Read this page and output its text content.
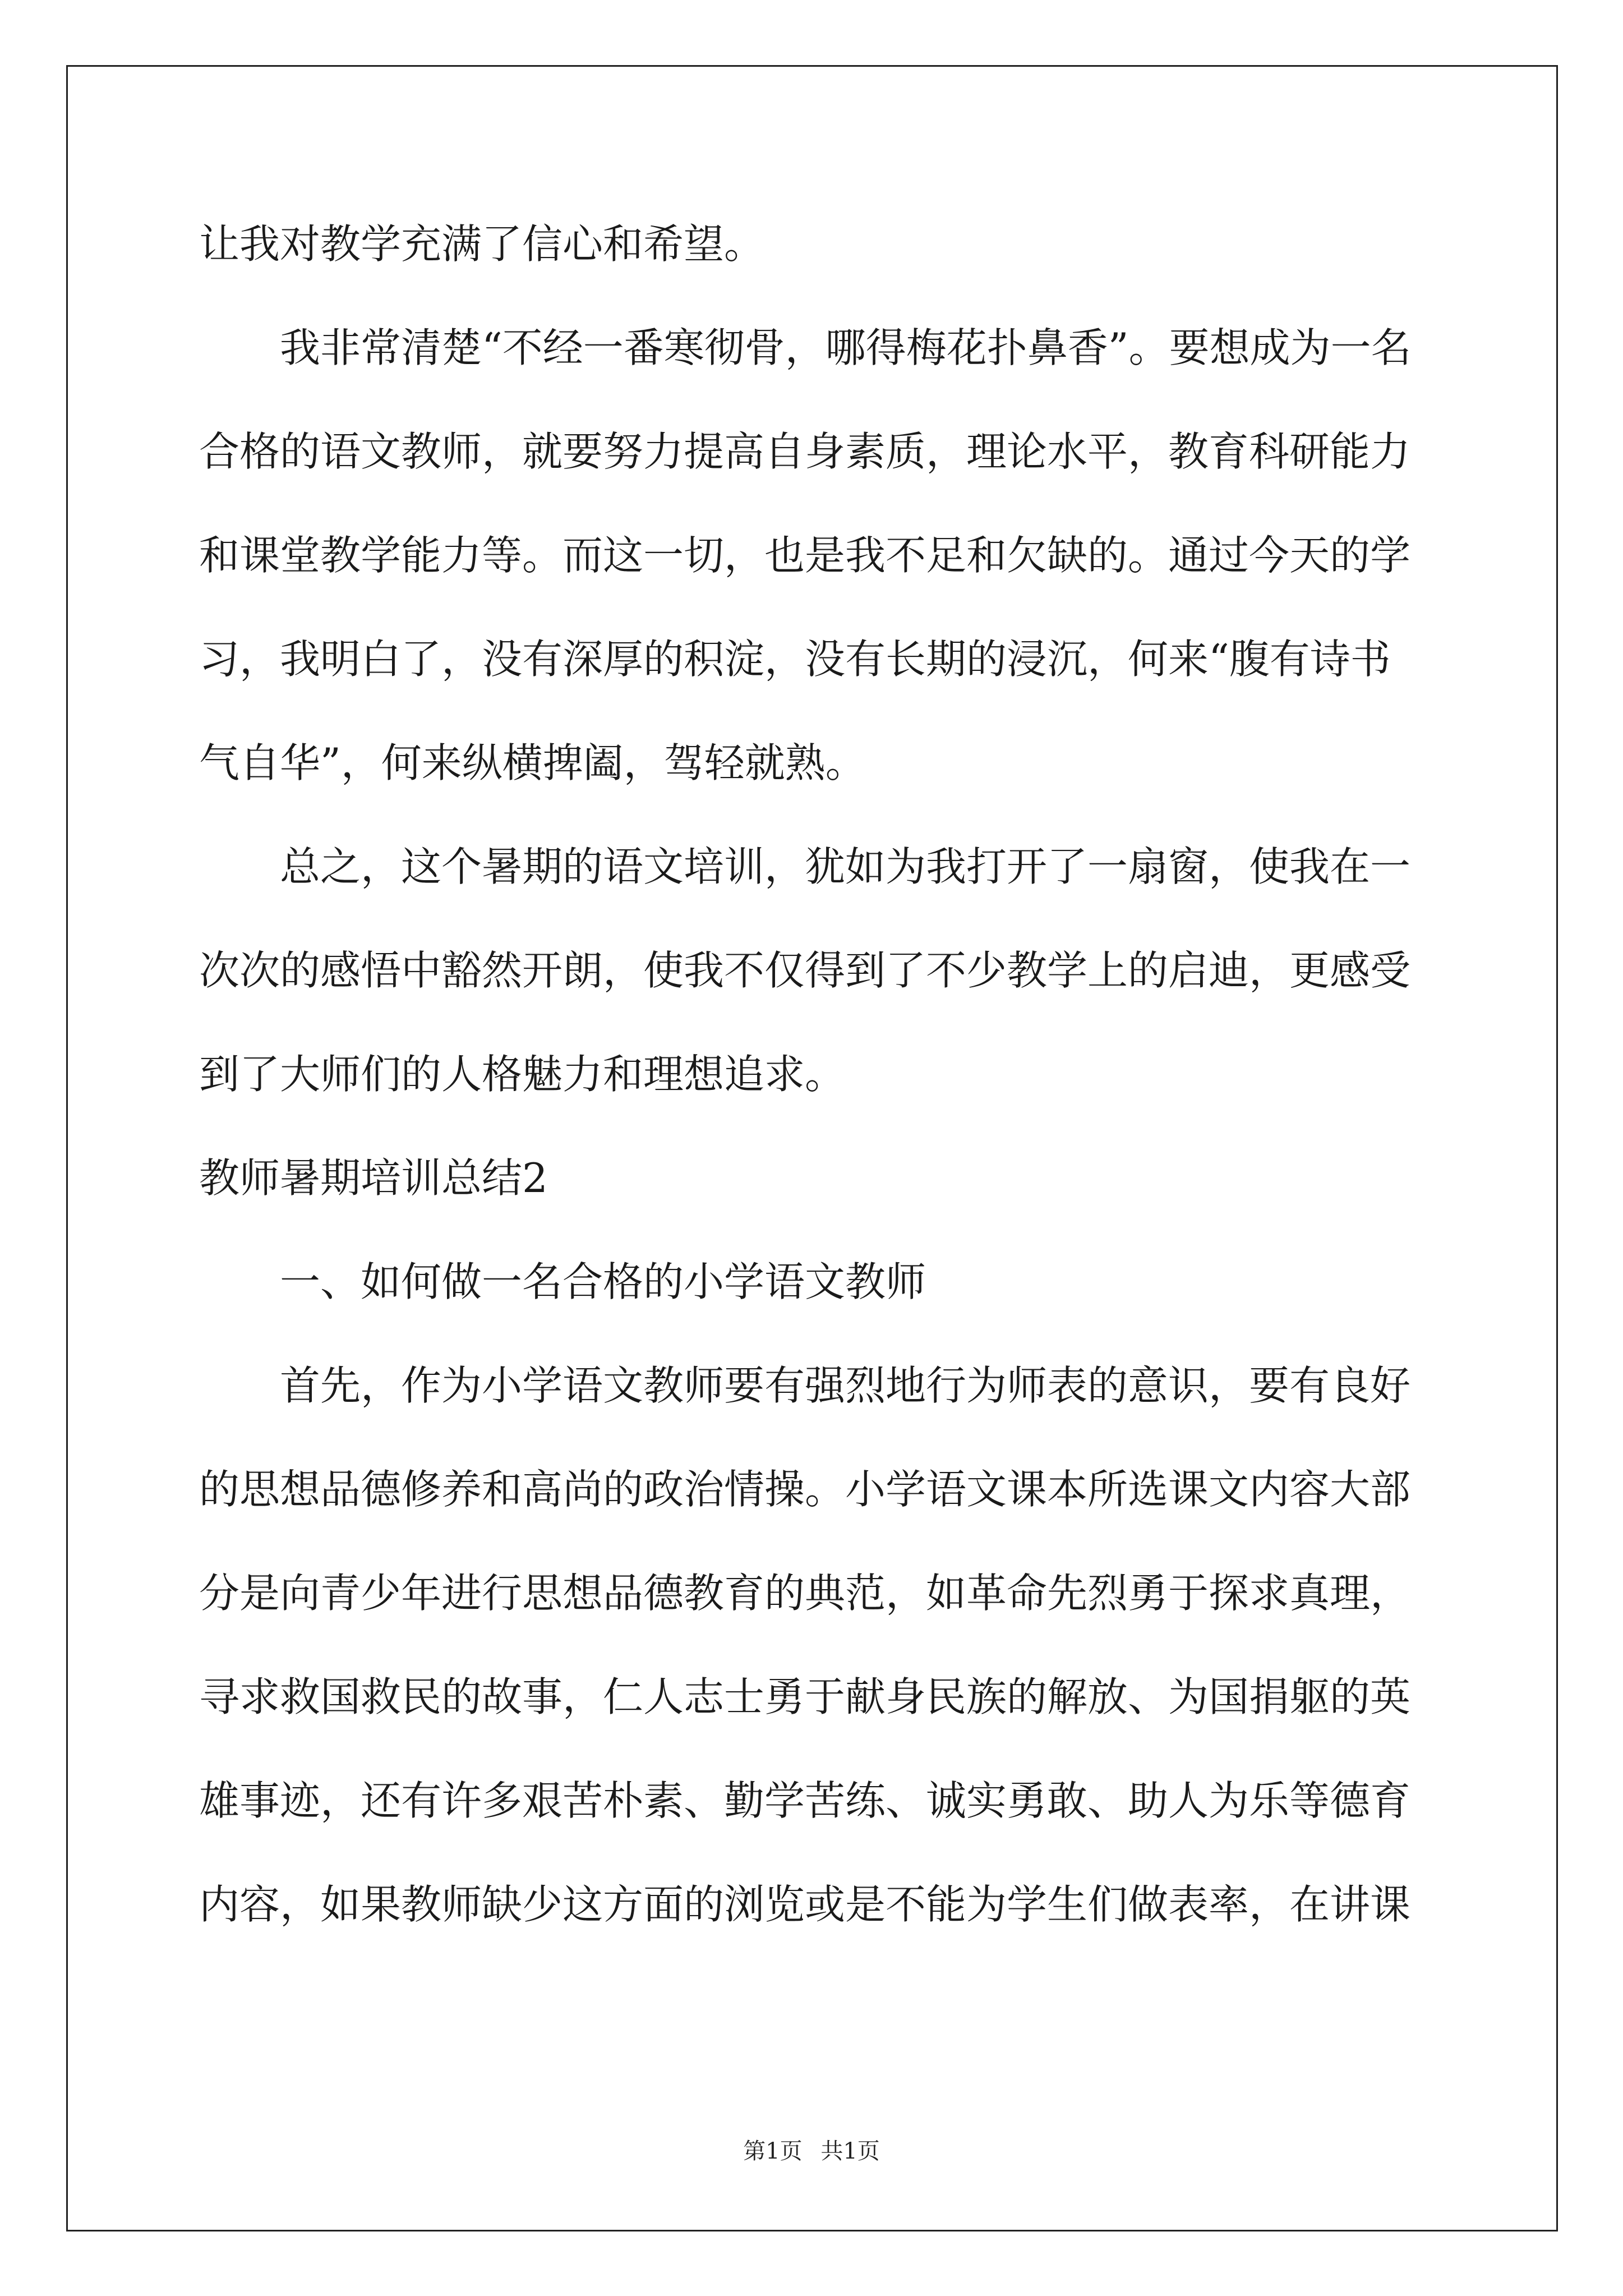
让我对教学充满了信心和希望。
我非常清楚“不经一番寒彻骨，哪得梅花扑鼻香”。要想成为一名
合格的语文教师，就要努力提高自身素质，理论水平，教育科研能力
和课堂教学能力等。而这一切，也是我不足和欠缺的。通过今天的学
习，我明白了，没有深厚的积淀，没有长期的浸沉，何来“腹有诗书
气自华”，何来纵横捭阖，驾轻就熟。
总之，这个暑期的语文培训，犹如为我打开了一扇窗，使我在一
次次的感悟中豁然开朗，使我不仅得到了不少教学上的启迪，更感受
到了大师们的人格魅力和理想追求。
教师暑期培训总结2
一、如何做一名合格的小学语文教师
首先，作为小学语文教师要有强烈地行为师表的意识，要有良好
的思想品德修养和高尚的政治情操。小学语文课本所选课文内容大部
分是向青少年进行思想品德教育的典范，如革命先烈勇于探求真理，
寻求救国救民的故事，仁人志士勇于献身民族的解放、为国捐躯的英
雄事迹，还有许多艰苦朴素、勤学苦练、诚实勇敢、助人为乐等德育
内容，如果教师缺少这方面的浏览或是不能为学生们做表率，在讲课
第1页 共1页
